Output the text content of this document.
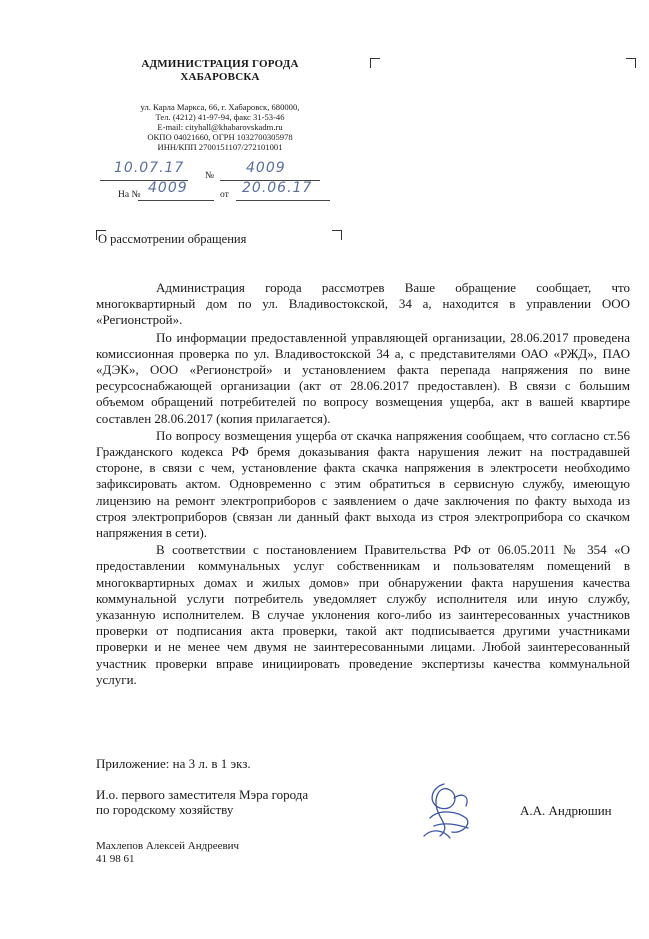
АДМИНИСТРАЦИЯ ГОРОДА
ХАБАРОВСКА
ул. Карла Маркса, 66, г. Хабаровск, 680000,
Тел. (4212) 41-97-94, факс 31-53-46
E-mail: cityhall@khabarovskadm.ru
ОКПО 04021660, ОГРН 1032700305978
ИНН/КПП 2700151107/272101001
10.07.17 № 4009
На № 4009	от 20.06.17
О рассмотрении обращения

Администрация города рассмотрев Ваше обращение сообщает, что многоквартирный дом по ул. Владивостокской, 34 а, находится в управлении ООО «Регионстрой».

По информации предоставленной управляющей организации, 28.06.2017 проведена комиссионная проверка по ул. Владивостокской 34 а, с представителями ОАО «РЖД», ПАО «ДЭК», ООО «Регионстрой» и установлением факта перепада напряжения по вине ресурсоснабжающей организации (акт от 28.06.2017 предоставлен). В связи с большим объемом обращений потребителей по вопросу возмещения ущерба, акт в вашей квартире составлен 28.06.2017 (копия прилагается).

По вопросу возмещения ущерба от скачка напряжения сообщаем, что согласно ст.56 Гражданского кодекса РФ бремя доказывания факта нарушения лежит на пострадавшей стороне, в связи с чем, установление факта скачка напряжения в электросети необходимо зафиксировать актом. Одновременно с этим обратиться в сервисную службу, имеющую лицензию на ремонт электроприборов с заявлением о даче заключения по факту выхода из строя электроприборов (связан ли данный факт выхода из строя электроприбора со скачком напряжения в сети).

В соответствии с постановлением Правительства РФ от 06.05.2011 № 354 «О предоставлении коммунальных услуг собственникам и пользователям помещений в многоквартирных домах и жилых домов» при обнаружении факта нарушения качества коммунальной услуги потребитель уведомляет службу исполнителя или иную службу, указанную исполнителем. В случае уклонения кого-либо из заинтересованных участников проверки от подписания акта проверки, такой акт подписывается другими участниками проверки и не менее чем двумя не заинтересованными лицами. Любой заинтересованный участник проверки вправе инициировать проведение экспертизы качества коммунальной услуги.

Приложение: на 3 л. в 1 экз.
И.о. первого заместителя Мэра города
по городскому хозяйству	А.А. Андрюшин
Махлепов Алексей Андреевич
41 98 61
